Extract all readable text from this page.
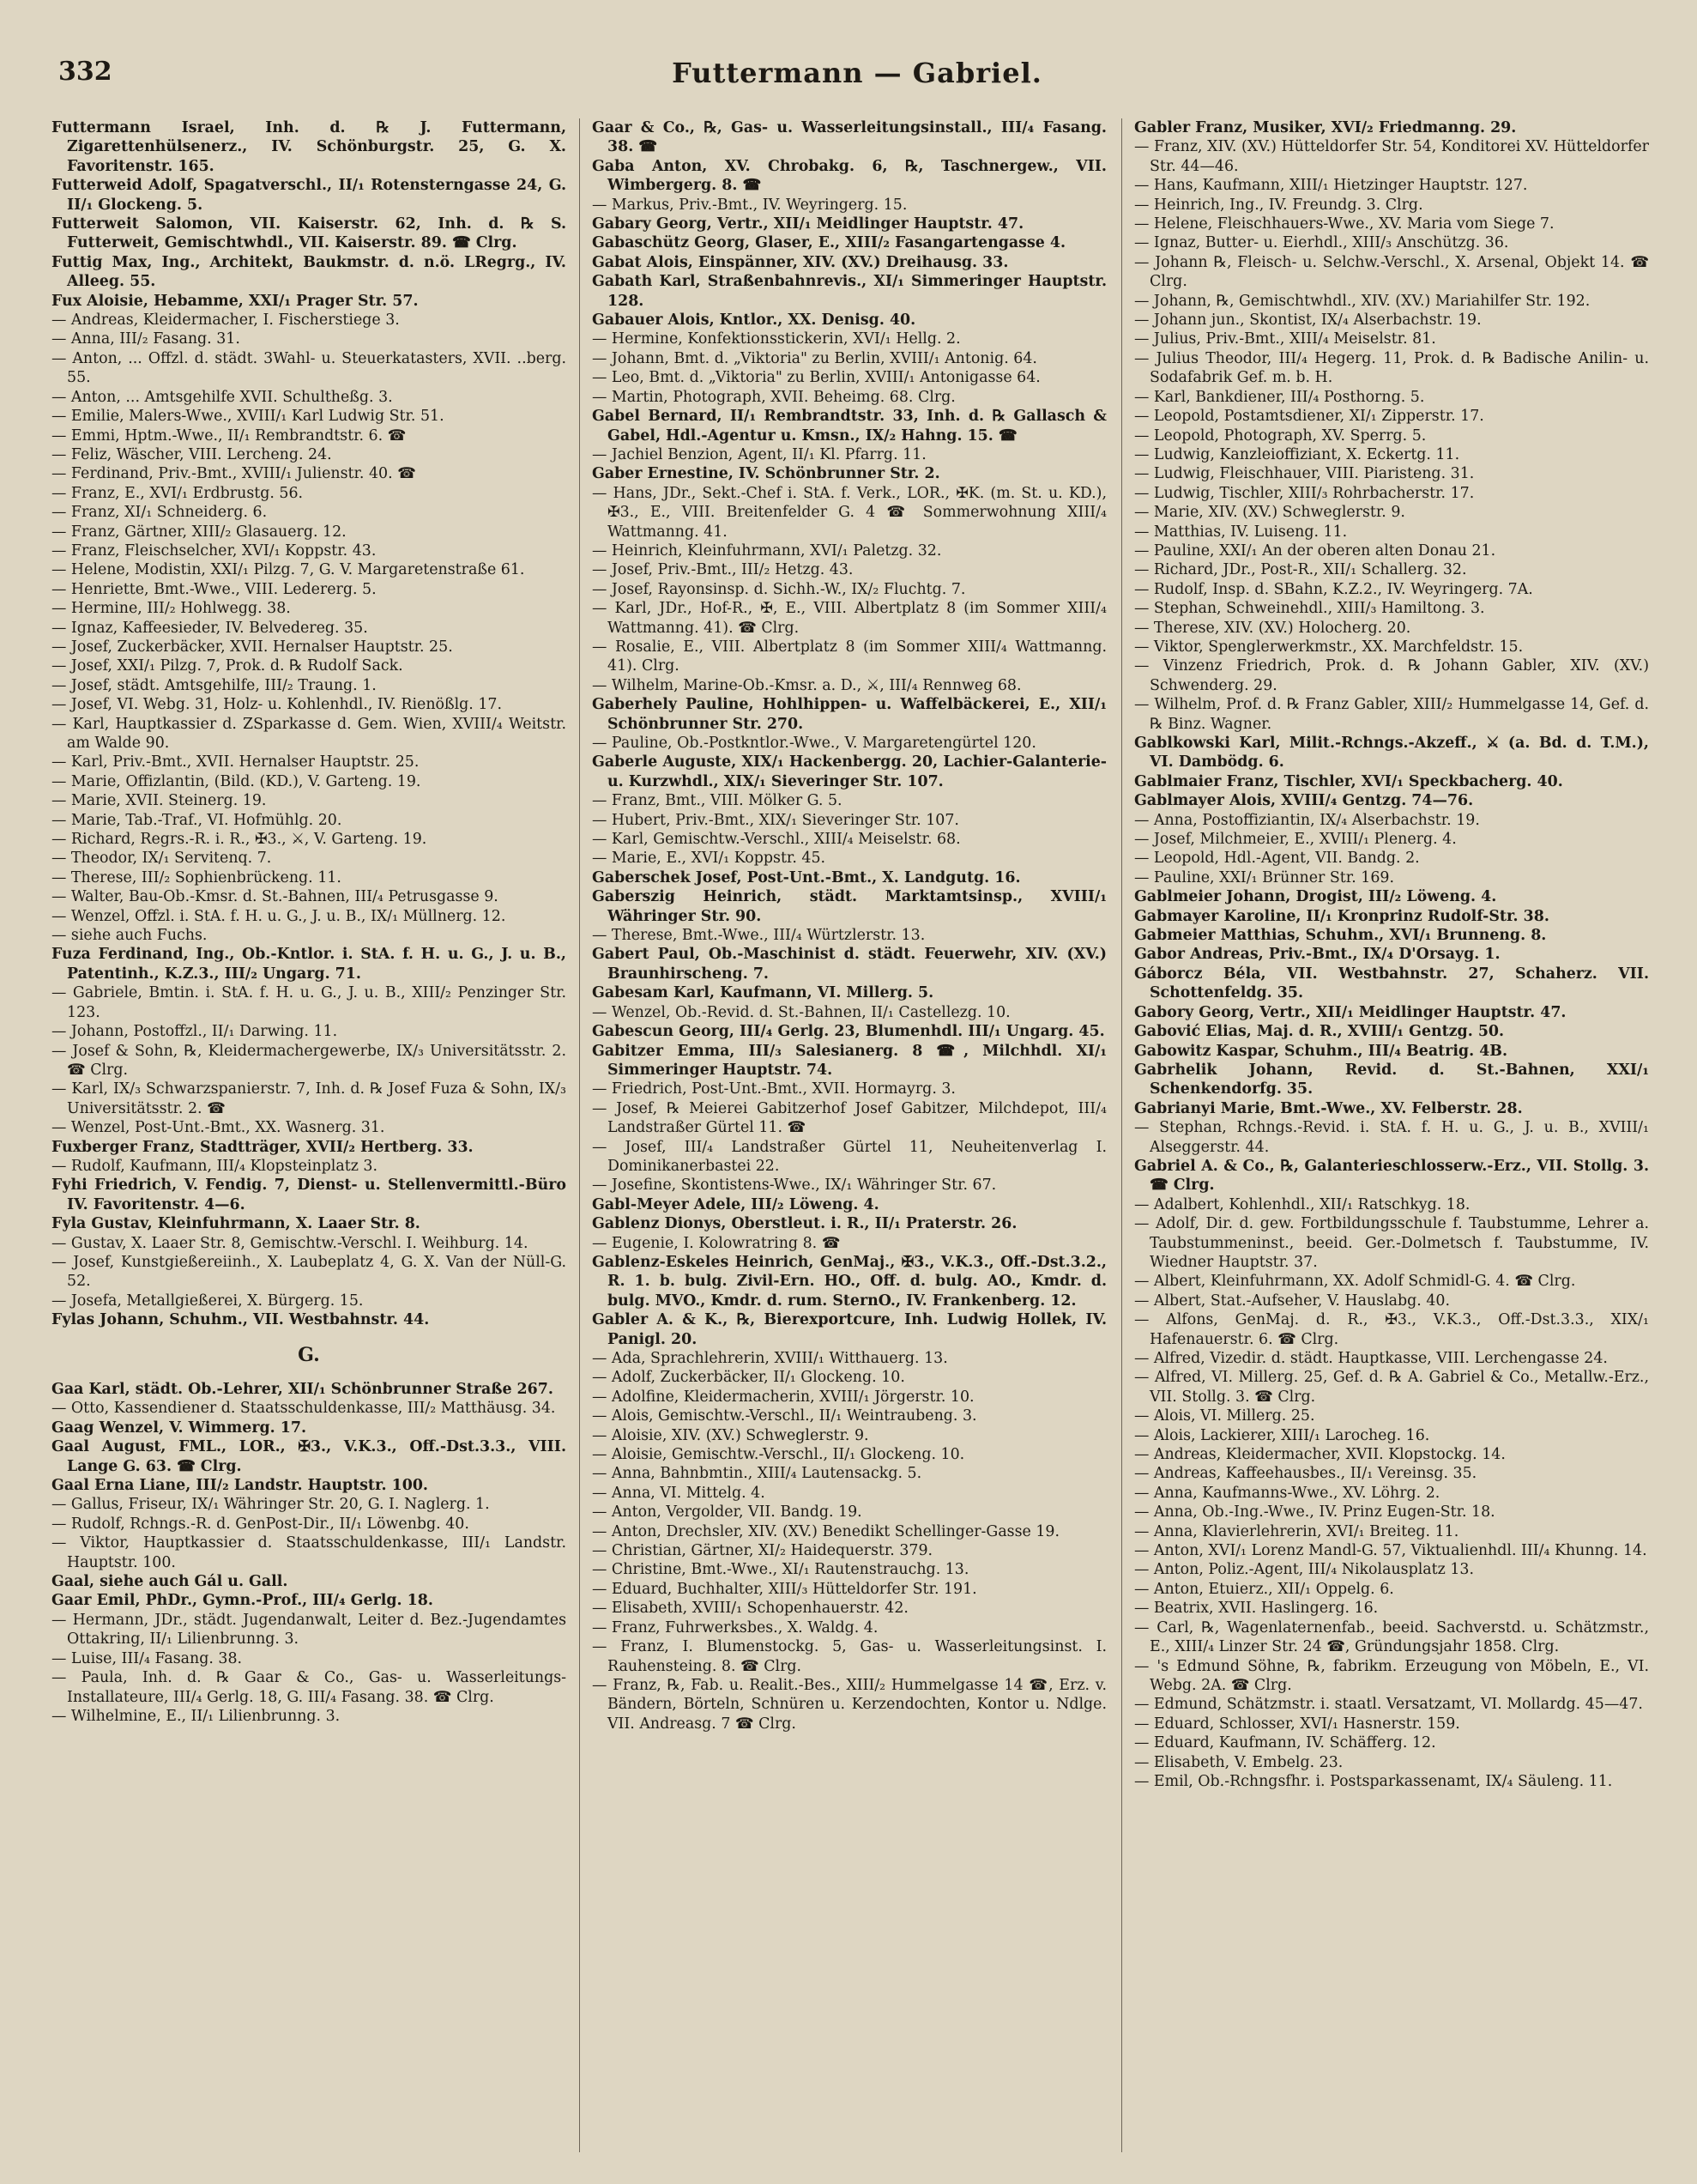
332	Futtermann — Gabriel.

Futtermann Israel, Inh. d. ℞ J. Futtermann, Zigarettenhülsenerz., IV. Schönburgstr. 25, G. X. Favoritenstr. 165.

Futterweid Adolf, Spagatverschl., II/₁ Rotensterngasse 24, G. II/₁ Glockeng. 5.

Futterweit Salomon, VII. Kaiserstr. 62, Inh. d. ℞ S. Futterweit, Gemischtwhdl., VII. Kaiserstr. 89. ☎ Clrg.

Futtig Max, Ing., Architekt, Baukmstr. d. n.ö. LRegrg., IV. Alleeg. 55.

Fux Aloisie, Hebamme, XXI/₁ Prager Str. 57.

— Andreas, Kleidermacher, I. Fischerstiege 3.

— Anna, III/₂ Fasang. 31.

— Anton, ... Offzl. d. städt. 3Wahl- u. Steuerkatasters, XVII. ..berg. 55.

— Anton, ... Amtsgehilfe XVII. Schultheßg. 3.

— Emilie, Malers-Wwe., XVIII/₁ Karl Ludwig Str. 51.

— Emmi, Hptm.-Wwe., II/₁ Rembrandtstr. 6. ☎

— Feliz, Wäscher, VIII. Lercheng. 24.

— Ferdinand, Priv.-Bmt., XVIII/₁ Julienstr. 40. ☎

— Franz, E., XVI/₁ Erdbrustg. 56.

— Franz, XI/₁ Schneiderg. 6.

— Franz, Gärtner, XIII/₂ Glasauerg. 12.

— Franz, Fleischselcher, XVI/₁ Koppstr. 43.

— Helene, Modistin, XXI/₁ Pilzg. 7, G. V. Margaretenstraße 61.

— Henriette, Bmt.-Wwe., VIII. Ledererg. 5.

— Hermine, III/₂ Hohlwegg. 38.

— Ignaz, Kaffeesieder, IV. Belvedereg. 35.

— Josef, Zuckerbäcker, XVII. Hernalser Hauptstr. 25.

— Josef, XXI/₁ Pilzg. 7, Prok. d. ℞ Rudolf Sack.

— Josef, städt. Amtsgehilfe, III/₂ Traung. 1.

— Josef, VI. Webg. 31, Holz- u. Kohlenhdl., IV. Rienößlg. 17.

— Karl, Hauptkassier d. ZSparkasse d. Gem. Wien, XVIII/₄ Weitstr. am Walde 90.

— Karl, Priv.-Bmt., XVII. Hernalser Hauptstr. 25.

— Marie, Offizlantin, (Bild. (KD.), V. Garteng. 19.

— Marie, XVII. Steinerg. 19.

— Marie, Tab.-Traf., VI. Hofmühlg. 20.

— Richard, Regrs.-R. i. R., ✠3., ⚔, V. Garteng. 19.

— Theodor, IX/₁ Servitenq. 7.

— Therese, III/₂ Sophienbrückeng. 11.

— Walter, Bau-Ob.-Kmsr. d. St.-Bahnen, III/₄ Petrusgasse 9.

— Wenzel, Offzl. i. StA. f. H. u. G., J. u. B., IX/₁ Müllnerg. 12.

— siehe auch Fuchs.

Fuza Ferdinand, Ing., Ob.-Kntlor. i. StA. f. H. u. G., J. u. B., Patentinh., K.Z.3., III/₂ Ungarg. 71.

— Gabriele, Bmtin. i. StA. f. H. u. G., J. u. B., XIII/₂ Penzinger Str. 123.

— Johann, Postoffzl., II/₁ Darwing. 11.

— Josef & Sohn, ℞, Kleidermachergewerbe, IX/₃ Universitätsstr. 2. ☎ Clrg.

— Karl, IX/₃ Schwarzspanierstr. 7, Inh. d. ℞ Josef Fuza & Sohn, IX/₃ Universitätsstr. 2. ☎

— Wenzel, Post-Unt.-Bmt., XX. Wasnerg. 31.

Fuxberger Franz, Stadtträger, XVII/₂ Hertberg. 33.

— Rudolf, Kaufmann, III/₄ Klopsteinplatz 3.

Fyhi Friedrich, V. Fendig. 7, Dienst- u. Stellenvermittl.-Büro IV. Favoritenstr. 4—6.

Fyla Gustav, Kleinfuhrmann, X. Laaer Str. 8.

— Gustav, X. Laaer Str. 8, Gemischtw.-Verschl. I. Weihburg. 14.

— Josef, Kunstgießereiinh., X. Laubeplatz 4, G. X. Van der Nüll-G. 52.

— Josefa, Metallgießerei, X. Bürgerg. 15.

Fylas Johann, Schuhm., VII. Westbahnstr. 44.

G.

Gaa Karl, städt. Ob.-Lehrer, XII/₁ Schönbrunner Straße 267.

— Otto, Kassendiener d. Staatsschuldenkasse, III/₂ Matthäusg. 34.

Gaag Wenzel, V. Wimmerg. 17.

Gaal August, FML., LOR., ✠3., V.K.3., Off.-Dst.3.3., VIII. Lange G. 63. ☎ Clrg.

Gaal Erna Liane, III/₂ Landstr. Hauptstr. 100.

— Gallus, Friseur, IX/₁ Währinger Str. 20, G. I. Naglerg. 1.

— Rudolf, Rchngs.-R. d. GenPost-Dir., II/₁ Löwenbg. 40.

— Viktor, Hauptkassier d. Staatsschuldenkasse, III/₁ Landstr. Hauptstr. 100.

Gaal, siehe auch Gál u. Gall.

Gaar Emil, PhDr., Gymn.-Prof., III/₄ Gerlg. 18.

— Hermann, JDr., städt. Jugendanwalt, Leiter d. Bez.-Jugendamtes Ottakring, II/₁ Lilienbrunng. 3.

— Luise, III/₄ Fasang. 38.

— Paula, Inh. d. ℞ Gaar & Co., Gas- u. Wasserleitungs-Installateure, III/₄ Gerlg. 18, G. III/₄ Fasang. 38. ☎ Clrg.

— Wilhelmine, E., II/₁ Lilienbrunng. 3.

Gaar & Co., ℞, Gas- u. Wasserleitungsinstall., III/₄ Fasang. 38. ☎

Gaba Anton, XV. Chrobakg. 6, ℞, Taschnergew., VII. Wimbergerg. 8. ☎

— Markus, Priv.-Bmt., IV. Weyringerg. 15.

Gabary Georg, Vertr., XII/₁ Meidlinger Hauptstr. 47.

Gabaschütz Georg, Glaser, E., XIII/₂ Fasangartengasse 4.

Gabat Alois, Einspänner, XIV. (XV.) Dreihausg. 33.

Gabath Karl, Straßenbahnrevis., XI/₁ Simmeringer Hauptstr. 128.

Gabauer Alois, Kntlor., XX. Denisg. 40.

— Hermine, Konfektionsstickerin, XVI/₁ Hellg. 2.

— Johann, Bmt. d. „Viktoria" zu Berlin, XVIII/₁ Antonig. 64.

— Leo, Bmt. d. „Viktoria" zu Berlin, XVIII/₁ Antonigasse 64.

— Martin, Photograph, XVII. Beheimg. 68. Clrg.

Gabel Bernard, II/₁ Rembrandtstr. 33, Inh. d. ℞ Gallasch & Gabel, Hdl.-Agentur u. Kmsn., IX/₂ Hahng. 15. ☎

— Jachiel Benzion, Agent, II/₁ Kl. Pfarrg. 11.

Gaber Ernestine, IV. Schönbrunner Str. 2.

— Hans, JDr., Sekt.-Chef i. StA. f. Verk., LOR., ✠K. (m. St. u. KD.), ✠3., E., VIII. Breitenfelder G. 4 ☎ Sommerwohnung XIII/₄ Wattmanng. 41.

— Heinrich, Kleinfuhrmann, XVI/₁ Paletzg. 32.

— Josef, Priv.-Bmt., III/₂ Hetzg. 43.

— Josef, Rayonsinsp. d. Sichh.-W., IX/₂ Fluchtg. 7.

— Karl, JDr., Hof-R., ✠, E., VIII. Albertplatz 8 (im Sommer XIII/₄ Wattmanng. 41). ☎ Clrg.

— Rosalie, E., VIII. Albertplatz 8 (im Sommer XIII/₄ Wattmanng. 41). Clrg.

— Wilhelm, Marine-Ob.-Kmsr. a. D., ⚔, III/₄ Rennweg 68.

Gaberhely Pauline, Hohlhippen- u. Waffelbäckerei, E., XII/₁ Schönbrunner Str. 270.

— Pauline, Ob.-Postkntlor.-Wwe., V. Margaretengürtel 120.

Gaberle Auguste, XIX/₁ Hackenbergg. 20, Lachier-Galanterie- u. Kurzwhdl., XIX/₁ Sieveringer Str. 107.

— Franz, Bmt., VIII. Mölker G. 5.

— Hubert, Priv.-Bmt., XIX/₁ Sieveringer Str. 107.

— Karl, Gemischtw.-Verschl., XIII/₄ Meiselstr. 68.

— Marie, E., XVI/₁ Koppstr. 45.

Gaberschek Josef, Post-Unt.-Bmt., X. Landgutg. 16.

Gaberszig Heinrich, städt. Marktamtsinsp., XVIII/₁ Währinger Str. 90.

— Therese, Bmt.-Wwe., III/₄ Würtzlerstr. 13.

Gabert Paul, Ob.-Maschinist d. städt. Feuerwehr, XIV. (XV.) Braunhirscheng. 7.

Gabesam Karl, Kaufmann, VI. Millerg. 5.

— Wenzel, Ob.-Revid. d. St.-Bahnen, II/₁ Castellezg. 10.

Gabescun Georg, III/₄ Gerlg. 23, Blumenhdl. III/₁ Ungarg. 45.

Gabitzer Emma, III/₃ Salesianerg. 8 ☎, Milchhdl. XI/₁ Simmeringer Hauptstr. 74.

— Friedrich, Post-Unt.-Bmt., XVII. Hormayrg. 3.

— Josef, ℞ Meierei Gabitzerhof Josef Gabitzer, Milchdepot, III/₄ Landstraßer Gürtel 11. ☎

— Josef, III/₄ Landstraßer Gürtel 11, Neuheitenverlag I. Dominikanerbastei 22.

— Josefine, Skontistens-Wwe., IX/₁ Währinger Str. 67.

Gabl-Meyer Adele, III/₂ Löweng. 4.

Gablenz Dionys, Oberstleut. i. R., II/₁ Praterstr. 26.

— Eugenie, I. Kolowratring 8. ☎

Gablenz-Eskeles Heinrich, GenMaj., ✠3., V.K.3., Off.-Dst.3.2., R. 1. b. bulg. Zivil-Ern. HO., Off. d. bulg. AO., Kmdr. d. bulg. MVO., Kmdr. d. rum. SternO., IV. Frankenberg. 12.

Gabler A. & K., ℞, Bierexportcure, Inh. Ludwig Hollek, IV. Panigl. 20.

— Ada, Sprachlehrerin, XVIII/₁ Witthauerg. 13.

— Adolf, Zuckerbäcker, II/₁ Glockeng. 10.

— Adolfine, Kleidermacherin, XVIII/₁ Jörgerstr. 10.

— Alois, Gemischtw.-Verschl., II/₁ Weintraubeng. 3.

— Aloisie, XIV. (XV.) Schweglerstr. 9.

— Aloisie, Gemischtw.-Verschl., II/₁ Glockeng. 10.

— Anna, Bahnbmtin., XIII/₄ Lautensackg. 5.

— Anna, VI. Mittelg. 4.

— Anton, Vergolder, VII. Bandg. 19.

— Anton, Drechsler, XIV. (XV.) Benedikt Schellinger-Gasse 19.

— Christian, Gärtner, XI/₂ Haidequerstr. 379.

— Christine, Bmt.-Wwe., XI/₁ Rautenstrauchg. 13.

— Eduard, Buchhalter, XIII/₃ Hütteldorfer Str. 191.

— Elisabeth, XVIII/₁ Schopenhauerstr. 42.

— Franz, Fuhrwerksbes., X. Waldg. 4.

— Franz, I. Blumenstockg. 5, Gas- u. Wasserleitungsinst. I. Rauhensteing. 8. ☎ Clrg.

— Franz, ℞, Fab. u. Realit.-Bes., XIII/₂ Hummelgasse 14 ☎, Erz. v. Bändern, Börteln, Schnüren u. Kerzendochten, Kontor u. Ndlge. VII. Andreasg. 7 ☎ Clrg.

Gabler Franz, Musiker, XVI/₂ Friedmanng. 29.

— Franz, XIV. (XV.) Hütteldorfer Str. 54, Konditorei XV. Hütteldorfer Str. 44—46.

— Hans, Kaufmann, XIII/₁ Hietzinger Hauptstr. 127.

— Heinrich, Ing., IV. Freundg. 3. Clrg.

— Helene, Fleischhauers-Wwe., XV. Maria vom Siege 7.

— Ignaz, Butter- u. Eierhdl., XIII/₃ Anschützg. 36.

— Johann ℞, Fleisch- u. Selchw.-Verschl., X. Arsenal, Objekt 14. ☎ Clrg.

— Johann, ℞, Gemischtwhdl., XIV. (XV.) Mariahilfer Str. 192.

— Johann jun., Skontist, IX/₄ Alserbachstr. 19.

— Julius, Priv.-Bmt., XIII/₄ Meiselstr. 81.

— Julius Theodor, III/₄ Hegerg. 11, Prok. d. ℞ Badische Anilin- u. Sodafabrik Gef. m. b. H.

— Karl, Bankdiener, III/₄ Posthorng. 5.

— Leopold, Postamtsdiener, XI/₁ Zipperstr. 17.

— Leopold, Photograph, XV. Sperrg. 5.

— Ludwig, Kanzleioffiziant, X. Eckertg. 11.

— Ludwig, Fleischhauer, VIII. Piaristeng. 31.

— Ludwig, Tischler, XIII/₃ Rohrbacherstr. 17.

— Marie, XIV. (XV.) Schweglerstr. 9.

— Matthias, IV. Luiseng. 11.

— Pauline, XXI/₁ An der oberen alten Donau 21.

— Richard, JDr., Post-R., XII/₁ Schallerg. 32.

— Rudolf, Insp. d. SBahn, K.Z.2., IV. Weyringerg. 7A.

— Stephan, Schweinehdl., XIII/₃ Hamiltong. 3.

— Therese, XIV. (XV.) Holocherg. 20.

— Viktor, Spenglerwerkmstr., XX. Marchfeldstr. 15.

— Vinzenz Friedrich, Prok. d. ℞ Johann Gabler, XIV. (XV.) Schwenderg. 29.

— Wilhelm, Prof. d. ℞ Franz Gabler, XIII/₂ Hummelgasse 14, Gef. d. ℞ Binz. Wagner.

Gablkowski Karl, Milit.-Rchngs.-Akzeff., ⚔ (a. Bd. d. T.M.), VI. Dambödg. 6.

Gablmaier Franz, Tischler, XVI/₁ Speckbacherg. 40.

Gablmayer Alois, XVIII/₄ Gentzg. 74—76.

— Anna, Postoffiziantin, IX/₄ Alserbachstr. 19.

— Josef, Milchmeier, E., XVIII/₁ Plenerg. 4.

— Leopold, Hdl.-Agent, VII. Bandg. 2.

— Pauline, XXI/₁ Brünner Str. 169.

Gablmeier Johann, Drogist, III/₂ Löweng. 4.

Gabmayer Karoline, II/₁ Kronprinz Rudolf-Str. 38.

Gabmeier Matthias, Schuhm., XVI/₁ Brunneng. 8.

Gabor Andreas, Priv.-Bmt., IX/₄ D'Orsayg. 1.

Gáborcz Béla, VII. Westbahnstr. 27, Schaherz. VII. Schottenfeldg. 35.

Gabory Georg, Vertr., XII/₁ Meidlinger Hauptstr. 47.

Gabović Elias, Maj. d. R., XVIII/₁ Gentzg. 50.

Gabowitz Kaspar, Schuhm., III/₄ Beatrig. 4B.

Gabrhelik Johann, Revid. d. St.-Bahnen, XXI/₁ Schenkendorfg. 35.

Gabrianyi Marie, Bmt.-Wwe., XV. Felberstr. 28.

— Stephan, Rchngs.-Revid. i. StA. f. H. u. G., J. u. B., XVIII/₁ Alseggerstr. 44.

Gabriel A. & Co., ℞, Galanterieschlosserw.-Erz., VII. Stollg. 3. ☎ Clrg.

— Adalbert, Kohlenhdl., XII/₁ Ratschkyg. 18.

— Adolf, Dir. d. gew. Fortbildungsschule f. Taubstumme, Lehrer a. Taubstummeninst., beeid. Ger.-Dolmetsch f. Taubstumme, IV. Wiedner Hauptstr. 37.

— Albert, Kleinfuhrmann, XX. Adolf Schmidl-G. 4. ☎ Clrg.

— Albert, Stat.-Aufseher, V. Hauslabg. 40.

— Alfons, GenMaj. d. R., ✠3., V.K.3., Off.-Dst.3.3., XIX/₁ Hafenauerstr. 6. ☎ Clrg.

— Alfred, Vizedir. d. städt. Hauptkasse, VIII. Lerchengasse 24.

— Alfred, VI. Millerg. 25, Gef. d. ℞ A. Gabriel & Co., Metallw.-Erz., VII. Stollg. 3. ☎ Clrg.

— Alois, VI. Millerg. 25.

— Alois, Lackierer, XIII/₁ Larocheg. 16.

— Andreas, Kleidermacher, XVII. Klopstockg. 14.

— Andreas, Kaffeehausbes., II/₁ Vereinsg. 35.

— Anna, Kaufmanns-Wwe., XV. Löhrg. 2.

— Anna, Ob.-Ing.-Wwe., IV. Prinz Eugen-Str. 18.

— Anna, Klavierlehrerin, XVI/₁ Breiteg. 11.

— Anton, XVI/₁ Lorenz Mandl-G. 57, Viktualienhdl. III/₄ Khunng. 14.

— Anton, Poliz.-Agent, III/₄ Nikolausplatz 13.

— Anton, Etuierz., XII/₁ Oppelg. 6.

— Beatrix, XVII. Haslingerg. 16.

— Carl, ℞, Wagenlaternenfab., beeid. Sachverstd. u. Schätzmstr., E., XIII/₄ Linzer Str. 24 ☎, Gründungsjahr 1858. Clrg.

— 's Edmund Söhne, ℞, fabrikm. Erzeugung von Möbeln, E., VI. Webg. 2A. ☎ Clrg.

— Edmund, Schätzmstr. i. staatl. Versatzamt, VI. Mollardg. 45—47.

— Eduard, Schlosser, XVI/₁ Hasnerstr. 159.

— Eduard, Kaufmann, IV. Schäfferg. 12.

— Elisabeth, V. Embelg. 23.

— Emil, Ob.-Rchngsfhr. i. Postsparkassenamt, IX/₄ Säuleng. 11.
